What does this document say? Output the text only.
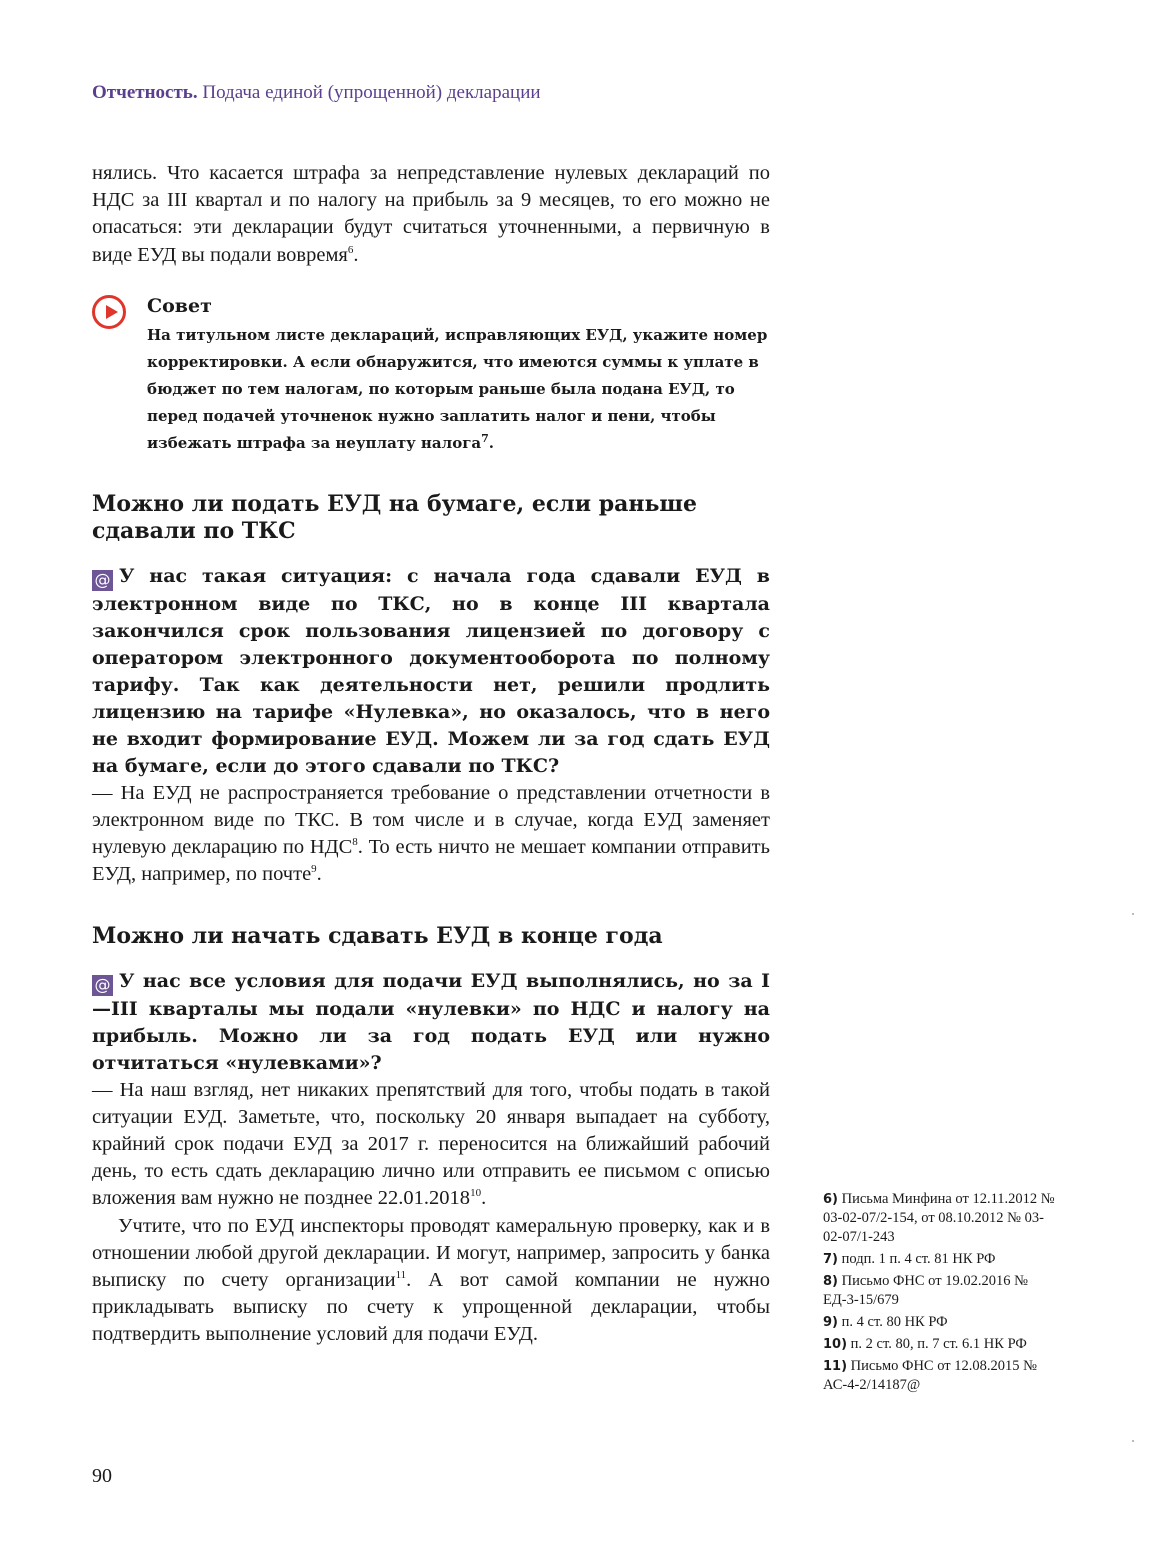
Отчетность. Подача единой (упрощенной) декларации

нялись. Что касается штрафа за непредставление нулевых деклараций по НДС за III квартал и по налогу на прибыль за 9 месяцев, то его можно не опасаться: эти декларации будут считаться уточненными, а первичную в виде ЕУД вы подали вовремя$^6$.

Совет
На титульном листе деклараций, исправляющих ЕУД, укажите номер корректировки. А если обнаружится, что имеются суммы к уплате в бюджет по тем налогам, по которым раньше была подана ЕУД, то перед подачей уточненок нужно заплатить налог и пени, чтобы избежать штрафа за неуплату налога$^7$.
Можно ли подать ЕУД на бумаге, если раньше сдавали по ТКС
@ У нас такая ситуация: с начала года сдавали ЕУД в электронном виде по ТКС, но в конце III квартала закончился срок пользования лицензией по договору с оператором электронного документооборота по полному тарифу. Так как деятельности нет, решили продлить лицензию на тарифе «Нулевка», но оказалось, что в него не входит формирование ЕУД. Можем ли за год сдать ЕУД на бумаге, если до этого сдавали по ТКС?

— На ЕУД не распространяется требование о представлении отчетности в электронном виде по ТКС. В том числе и в случае, когда ЕУД заменяет нулевую декларацию по НДС$^8$. То есть ничто не мешает компании отправить ЕУД, например, по почте$^9$.

Можно ли начать сдавать ЕУД в конце года
@ У нас все условия для подачи ЕУД выполнялись, но за I—III кварталы мы подали «нулевки» по НДС и налогу на прибыль. Можно ли за год подать ЕУД или нужно отчитаться «нулевками»?

— На наш взгляд, нет никаких препятствий для того, чтобы подать в такой ситуации ЕУД. Заметьте, что, поскольку 20 января выпадает на субботу, крайний срок подачи ЕУД за 2017 г. переносится на ближайший рабочий день, то есть сдать декларацию лично или отправить ее письмом с описью вложения вам нужно не позднее 22.01.2018$^{10}$.

Учтите, что по ЕУД инспекторы проводят камеральную проверку, как и в отношении любой другой декларации. И могут, например, запросить у банка выписку по счету организации$^{11}$. А вот самой компании не нужно прикладывать выписку по счету к упрощенной декларации, чтобы подтвердить выполнение условий для подачи ЕУД.

6) Письма Минфина от 12.11.2012 № 03-02-07/2-154, от 08.10.2012 № 03-02-07/1-243
7) подп. 1 п. 4 ст. 81 НК РФ
8) Письмо ФНС от 19.02.2016 № ЕД-3-15/679
9) п. 4 ст. 80 НК РФ
10) п. 2 ст. 80, п. 7 ст. 6.1 НК РФ
11) Письмо ФНС от 12.08.2015 № АС-4-2/14187@
90
